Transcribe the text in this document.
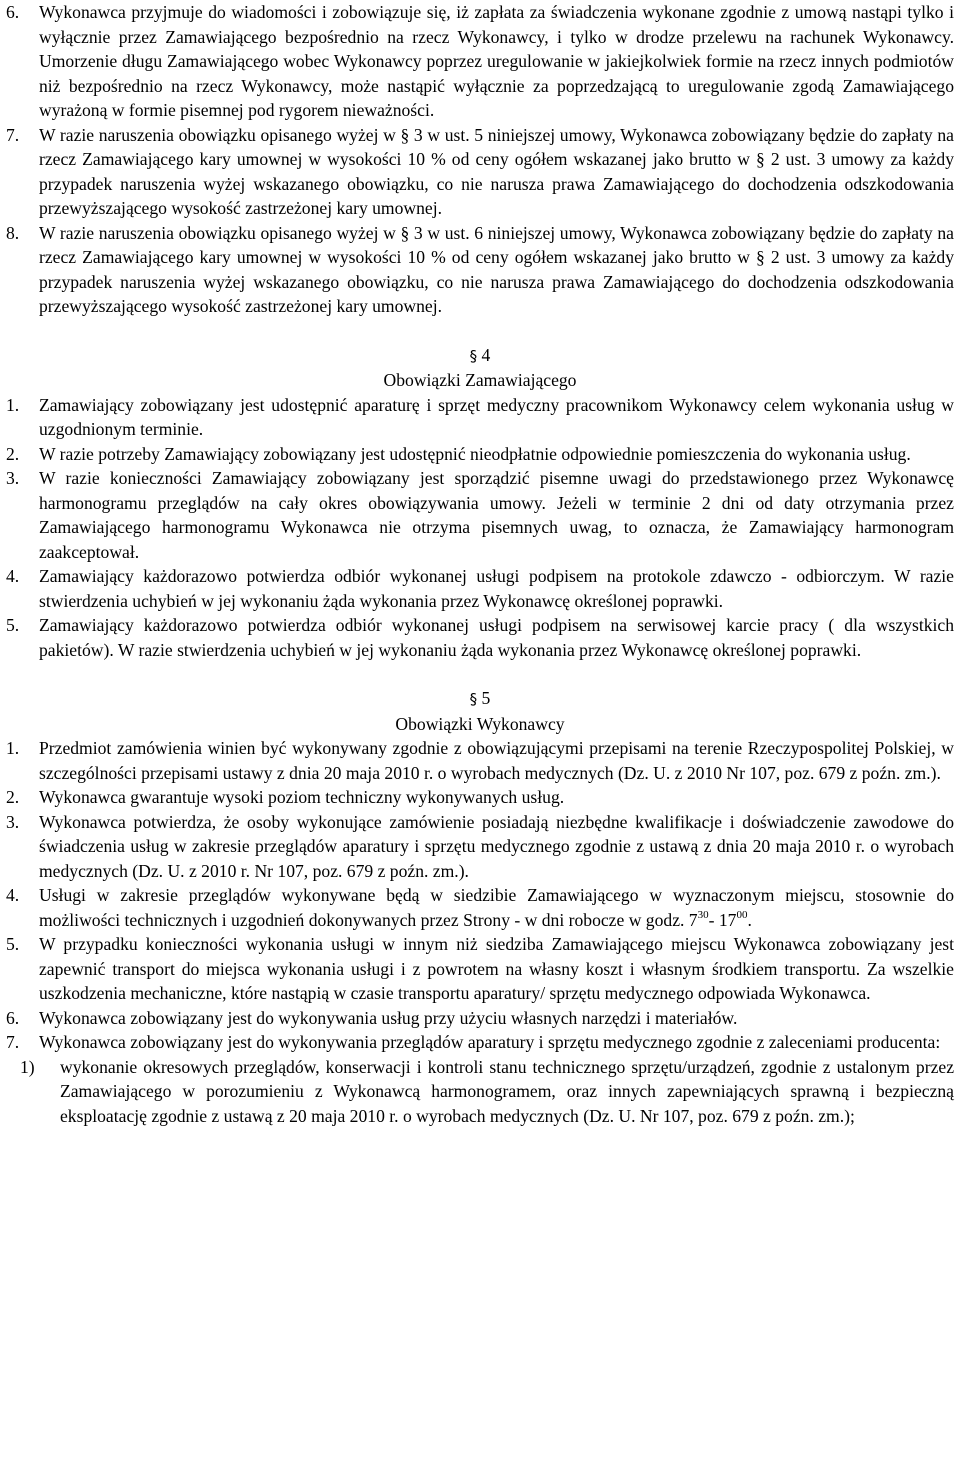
6.	Wykonawca przyjmuje do wiadomości i zobowiązuje się, iż zapłata za świadczenia wykonane zgodnie z umową nastąpi tylko i wyłącznie przez Zamawiającego bezpośrednio na rzecz Wykonawcy, i tylko w drodze przelewu na rachunek Wykonawcy. Umorzenie długu Zamawiającego wobec Wykonawcy poprzez uregulowanie w jakiejkolwiek formie na rzecz innych podmiotów niż bezpośrednio na rzecz Wykonawcy, może nastąpić wyłącznie za poprzedzającą to uregulowanie zgodą Zamawiającego wyrażoną w formie pisemnej pod rygorem nieważności.
7.	W razie naruszenia obowiązku opisanego wyżej w § 3 w ust. 5 niniejszej umowy, Wykonawca zobowiązany będzie do zapłaty na rzecz Zamawiającego kary umownej w wysokości 10 % od ceny ogółem wskazanej jako brutto w § 2 ust. 3 umowy za każdy przypadek naruszenia wyżej wskazanego obowiązku, co nie narusza prawa Zamawiającego do dochodzenia odszkodowania przewyższającego wysokość zastrzeżonej kary umownej.
8.	W razie naruszenia obowiązku opisanego wyżej w § 3 w ust. 6 niniejszej umowy, Wykonawca zobowiązany będzie do zapłaty na rzecz Zamawiającego kary umownej w wysokości 10 % od ceny ogółem wskazanej jako brutto w § 2 ust. 3 umowy za każdy przypadek naruszenia wyżej wskazanego obowiązku, co nie narusza prawa Zamawiającego do dochodzenia odszkodowania przewyższającego wysokość zastrzeżonej kary umownej.

§ 4

Obowiązki Zamawiającego

1.	Zamawiający zobowiązany jest udostępnić aparaturę i sprzęt medyczny pracownikom Wykonawcy celem wykonania usług w uzgodnionym terminie.
2.	W razie potrzeby Zamawiający zobowiązany jest udostępnić nieodpłatnie odpowiednie pomieszczenia do wykonania usług.
3.	W razie konieczności Zamawiający zobowiązany jest sporządzić pisemne uwagi do przedstawionego przez Wykonawcę harmonogramu przeglądów na cały okres obowiązywania umowy. Jeżeli w terminie 2 dni od daty otrzymania przez Zamawiającego harmonogramu Wykonawca nie otrzyma pisemnych uwag, to oznacza, że Zamawiający harmonogram zaakceptował.
4.	Zamawiający każdorazowo potwierdza odbiór wykonanej usługi podpisem na protokole zdawczo - odbiorczym. W razie stwierdzenia uchybień w jej wykonaniu żąda wykonania przez Wykonawcę określonej poprawki.
5.	Zamawiający każdorazowo potwierdza odbiór wykonanej usługi podpisem na serwisowej karcie pracy ( dla wszystkich pakietów). W razie stwierdzenia uchybień w jej wykonaniu żąda wykonania przez Wykonawcę określonej poprawki.

§ 5

Obowiązki Wykonawcy

1.	Przedmiot zamówienia winien być wykonywany zgodnie z obowiązującymi przepisami na terenie Rzeczypospolitej Polskiej, w szczególności przepisami ustawy z dnia 20 maja 2010 r. o wyrobach medycznych (Dz. U. z 2010 Nr 107, poz. 679 z poźn. zm.).
2.	Wykonawca gwarantuje wysoki poziom techniczny wykonywanych usług.
3.	Wykonawca potwierdza, że osoby wykonujące zamówienie posiadają niezbędne kwalifikacje i doświadczenie zawodowe do świadczenia usług w zakresie przeglądów aparatury i sprzętu medycznego zgodnie z ustawą z dnia 20 maja 2010 r. o wyrobach medycznych (Dz. U. z 2010 r. Nr 107, poz. 679 z poźn. zm.).
4.	Usługi w zakresie przeglądów wykonywane będą w siedzibie Zamawiającego w wyznaczonym miejscu, stosownie do możliwości technicznych i uzgodnień dokonywanych przez Strony - w dni robocze w godz. $7^{30}-$ $17^{00}$.
5.	W przypadku konieczności wykonania usługi w innym niż siedziba Zamawiającego miejscu Wykonawca zobowiązany jest zapewnić transport do miejsca wykonania usługi i z powrotem na własny koszt i własnym środkiem transportu. Za wszelkie uszkodzenia mechaniczne, które nastąpią w czasie transportu aparatury/ sprzętu medycznego odpowiada Wykonawca.
6.	Wykonawca zobowiązany jest do wykonywania usług przy użyciu własnych narzędzi i materiałów.
7.	Wykonawca zobowiązany jest do wykonywania przeglądów aparatury i sprzętu medycznego zgodnie z zaleceniami producenta:
1)	wykonanie okresowych przeglądów, konserwacji i kontroli stanu technicznego sprzętu/urządzeń, zgodnie z ustalonym przez Zamawiającego w porozumieniu z Wykonawcą harmonogramem, oraz innych zapewniających sprawną i bezpieczną eksploatację zgodnie z ustawą z 20 maja 2010 r. o wyrobach medycznych (Dz. U. Nr 107, poz. 679 z poźn. zm.);
